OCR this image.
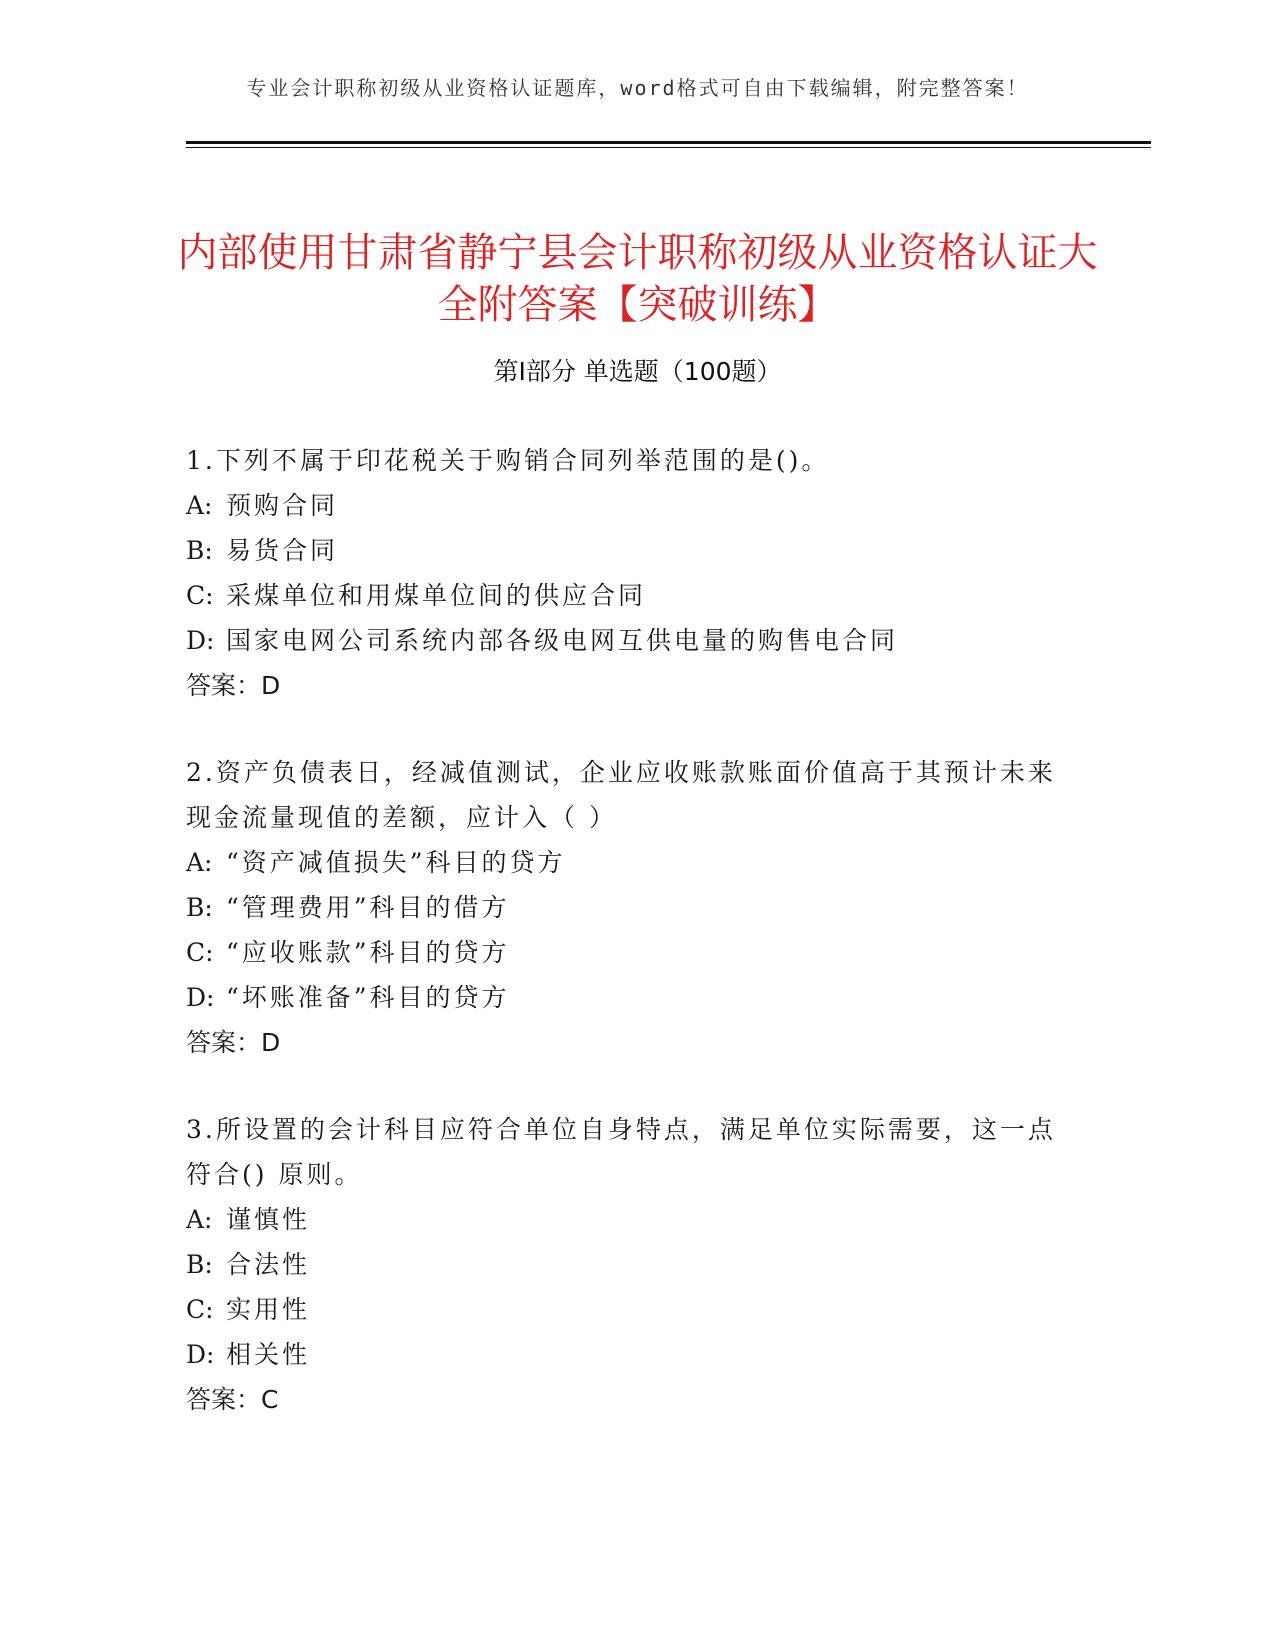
专业会计职称初级从业资格认证题库，word格式可自由下载编辑，附完整答案！
内部使用甘肃省静宁县会计职称初级从业资格认证大全附答案【突破训练】
第Ⅰ部分 单选题（100题）
1.下列不属于印花税关于购销合同列举范围的是()。
A: 预购合同
B: 易货合同
C: 采煤单位和用煤单位间的供应合同
D: 国家电网公司系统内部各级电网互供电量的购售电合同
答案：D
2.资产负债表日，经减值测试，企业应收账款账面价值高于其预计未来现金流量现值的差额，应计入（ ）
A: “资产减值损失”科目的贷方
B: “管理费用”科目的借方
C: “应收账款”科目的贷方
D: “坏账准备”科目的贷方
答案：D
3.所设置的会计科目应符合单位自身特点，满足单位实际需要，这一点符合() 原则。
A: 谨慎性
B: 合法性
C: 实用性
D: 相关性
答案：C
